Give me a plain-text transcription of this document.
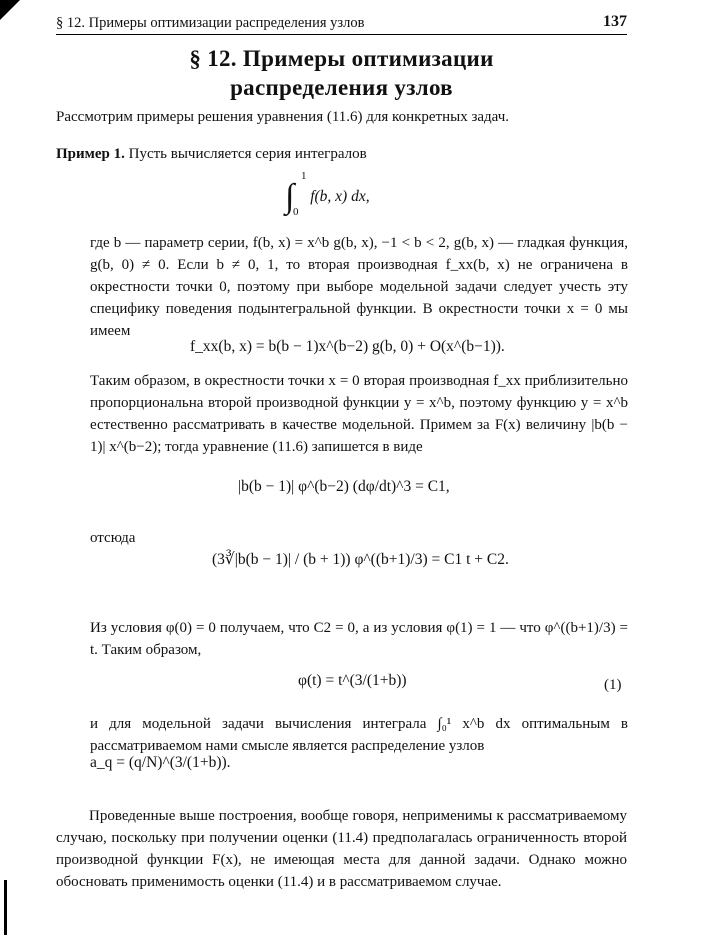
§ 12. Примеры оптимизации распределения узлов	137
§ 12. Примеры оптимизации
распределения узлов
Рассмотрим примеры решения уравнения (11.6) для конкретных задач.
Пример 1. Пусть вычисляется серия интегралов
∫
1
0
f(b, x) dx,
где b — параметр серии, f(b, x) = x^b g(b, x), −1 < b < 2, g(b, x) — гладкая функция, g(b, 0) ≠ 0. Если b ≠ 0, 1, то вторая производная f_xx(b, x) не ограничена в окрестности точки 0, поэтому при выборе модельной задачи следует учесть эту специфику поведения подынтегральной функции. В окрестности точки x = 0 мы имеем
f_xx(b, x) = b(b − 1)x^(b−2) g(b, 0) + O(x^(b−1)).
Таким образом, в окрестности точки x = 0 вторая производная f_xx приблизительно пропорциональна второй производной функции y = x^b, поэтому функцию y = x^b естественно рассматривать в качестве модельной. Примем за F(x) величину |b(b − 1)| x^(b−2); тогда уравнение (11.6) запишется в виде
|b(b − 1)| φ^(b−2) (dφ/dt)^3 = C1,
отсюда
(3∛|b(b − 1)| / (b + 1)) φ^((b+1)/3) = C1 t + C2.
Из условия φ(0) = 0 получаем, что C2 = 0, а из условия φ(1) = 1 — что φ^((b+1)/3) = t. Таким образом,
φ(t) = t^(3/(1+b))	(1)
и для модельной задачи вычисления интеграла ∫₀¹ x^b dx оптимальным в рассматриваемом нами смысле является распределение узлов
a_q = (q/N)^(3/(1+b)).
Проведенные выше построения, вообще говоря, неприменимы к рассматриваемому случаю, поскольку при получении оценки (11.4) предполагалась ограниченность второй производной функции F(x), не имеющая места для данной задачи. Однако можно обосновать применимость оценки (11.4) и в рассматриваемом случае.
